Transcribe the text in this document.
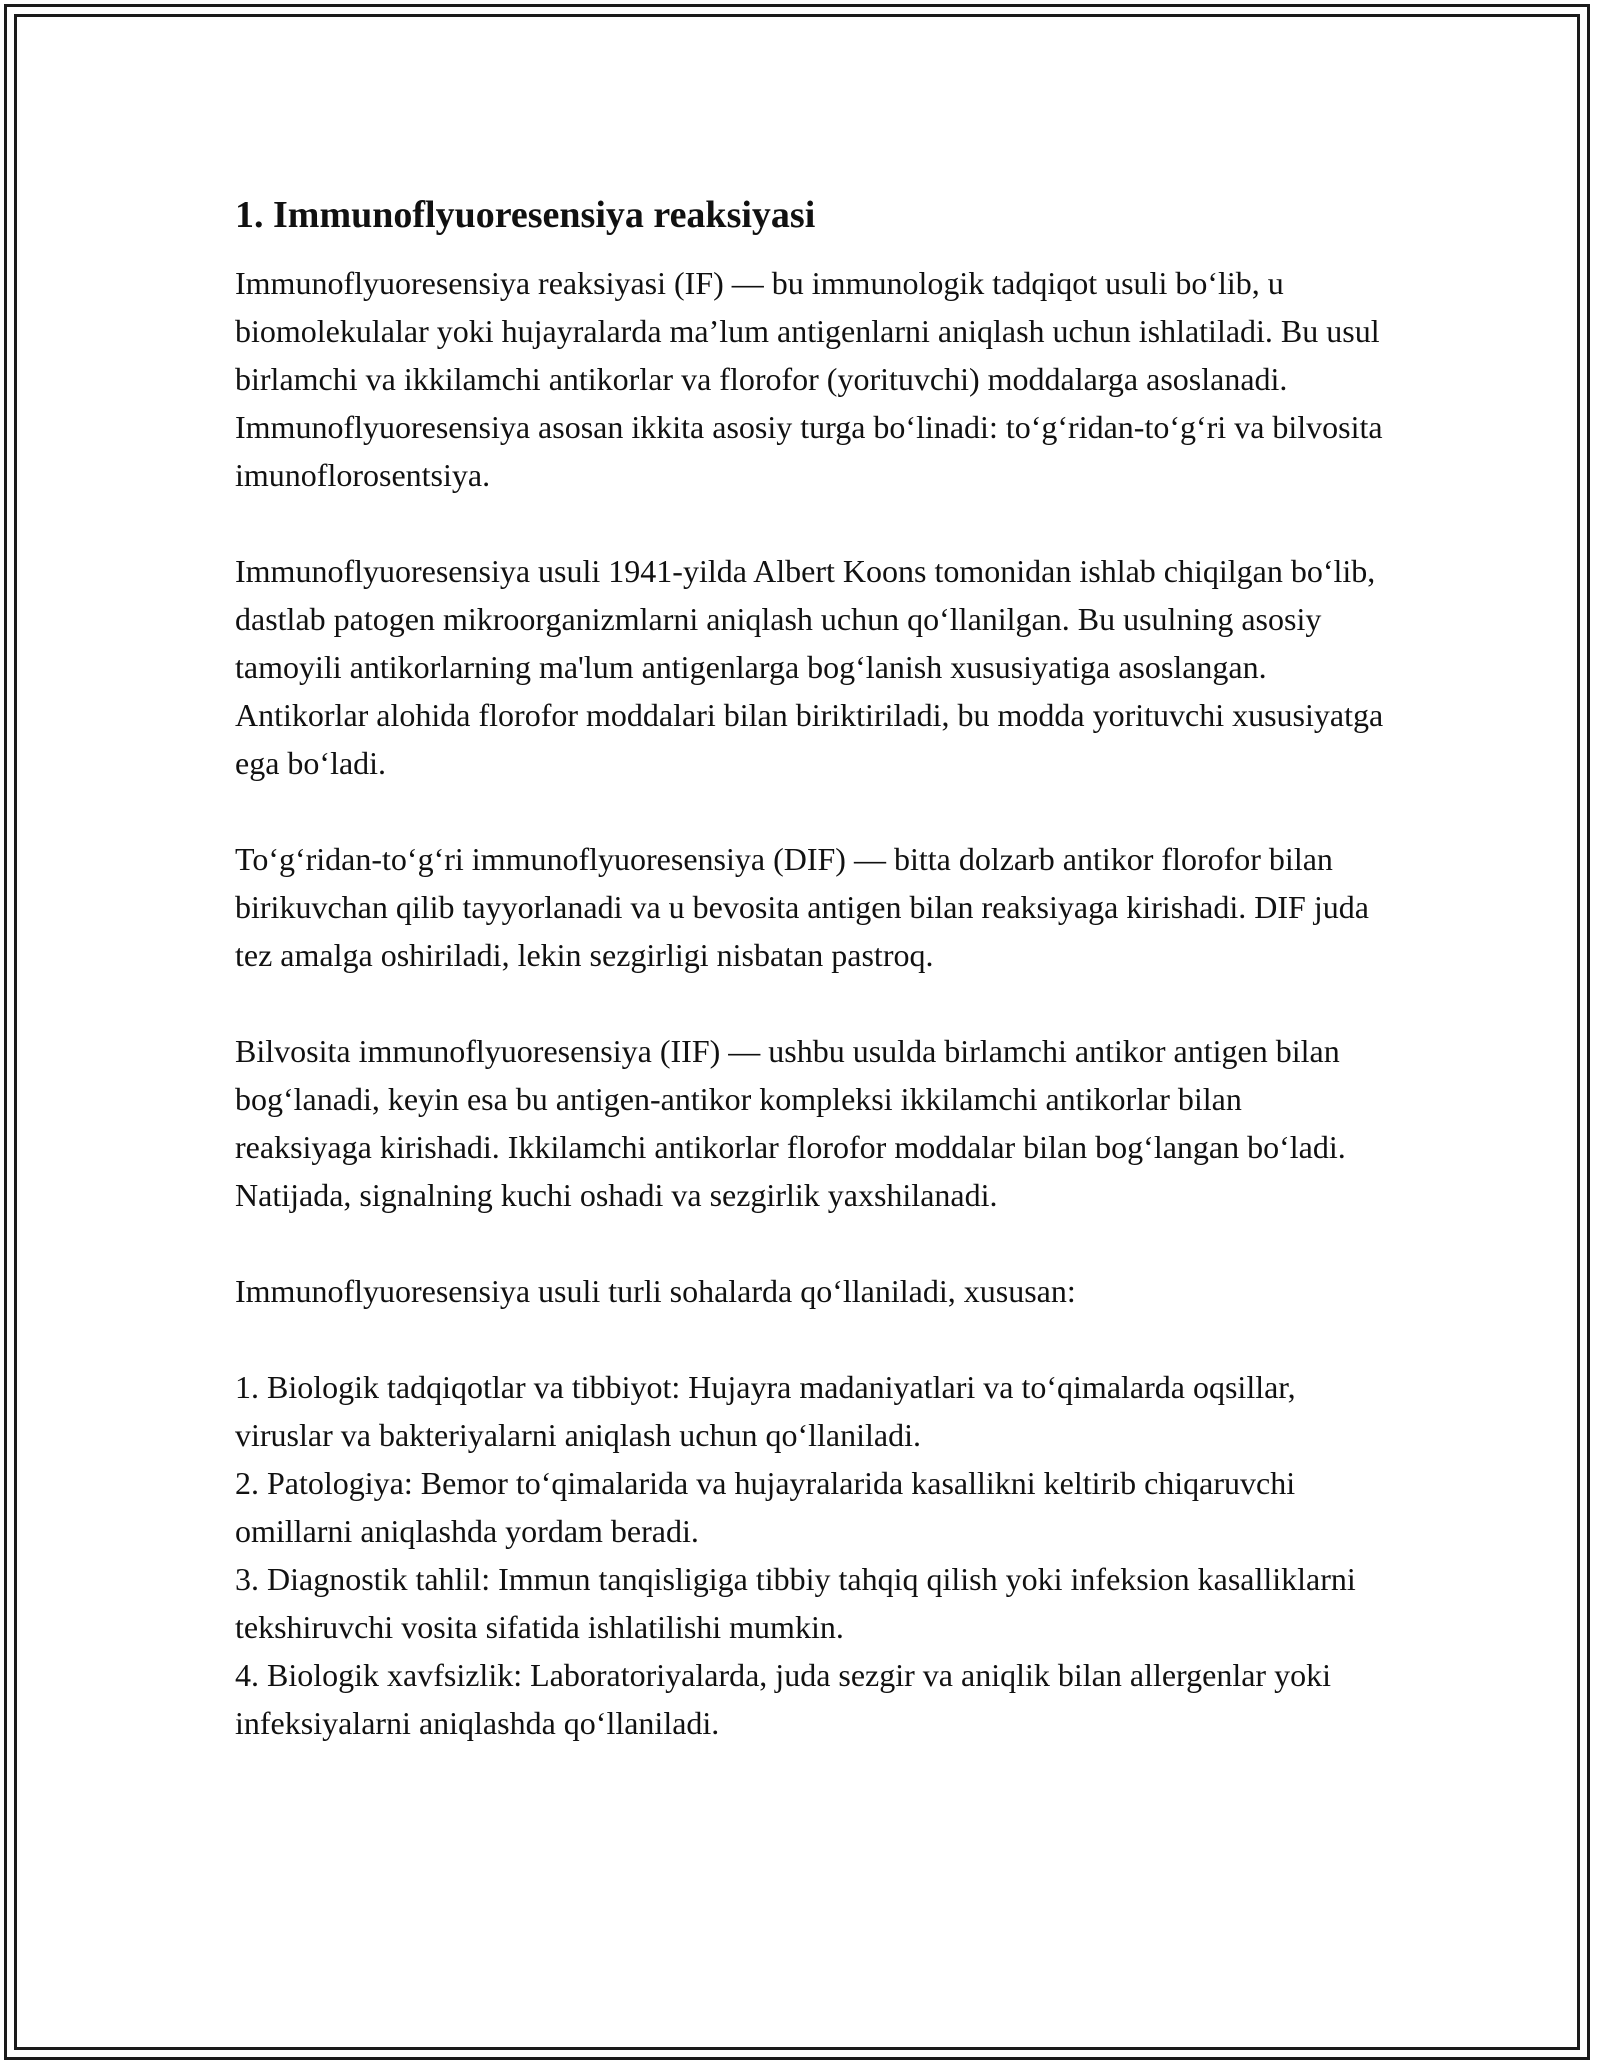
1. Immunoflyuoresensiya reaksiyasi

Immunoflyuoresensiya reaksiyasi (IF) — bu immunologik tadqiqot usuli bo‘lib, u biomolekulalar yoki hujayralarda ma’lum antigenlarni aniqlash uchun ishlatiladi. Bu usul birlamchi va ikkilamchi antikorlar va florofor (yorituvchi) moddalarga asoslanadi. Immunoflyuoresensiya asosan ikkita asosiy turga bo‘linadi: to‘g‘ridan-to‘g‘ri va bilvosita imunoflorosentsiya.

Immunoflyuoresensiya usuli 1941-yilda Albert Koons tomonidan ishlab chiqilgan bo‘lib, dastlab patogen mikroorganizmlarni aniqlash uchun qo‘llanilgan. Bu usulning asosiy tamoyili antikorlarning ma'lum antigenlarga bog‘lanish xususiyatiga asoslangan. Antikorlar alohida florofor moddalari bilan biriktiriladi, bu modda yorituvchi xususiyatga ega bo‘ladi.

To‘g‘ridan-to‘g‘ri immunoflyuoresensiya (DIF) — bitta dolzarb antikor florofor bilan birikuvchan qilib tayyorlanadi va u bevosita antigen bilan reaksiyaga kirishadi. DIF juda tez amalga oshiriladi, lekin sezgirligi nisbatan pastroq.

Bilvosita immunoflyuoresensiya (IIF) — ushbu usulda birlamchi antikor antigen bilan bog‘lanadi, keyin esa bu antigen-antikor kompleksi ikkilamchi antikorlar bilan reaksiyaga kirishadi. Ikkilamchi antikorlar florofor moddalar bilan bog‘langan bo‘ladi. Natijada, signalning kuchi oshadi va sezgirlik yaxshilanadi.

Immunoflyuoresensiya usuli turli sohalarda qo‘llaniladi, xususan:

1. Biologik tadqiqotlar va tibbiyot: Hujayra madaniyatlari va to‘qimalarda oqsillar, viruslar va bakteriyalarni aniqlash uchun qo‘llaniladi.
2. Patologiya: Bemor to‘qimalarida va hujayralarida kasallikni keltirib chiqaruvchi omillarni aniqlashda yordam beradi.
3. Diagnostik tahlil: Immun tanqisligiga tibbiy tahqiq qilish yoki infeksion kasalliklarni tekshiruvchi vosita sifatida ishlatilishi mumkin.
4. Biologik xavfsizlik: Laboratoriyalarda, juda sezgir va aniqlik bilan allergenlar yoki infeksiyalarni aniqlashda qo‘llaniladi.
